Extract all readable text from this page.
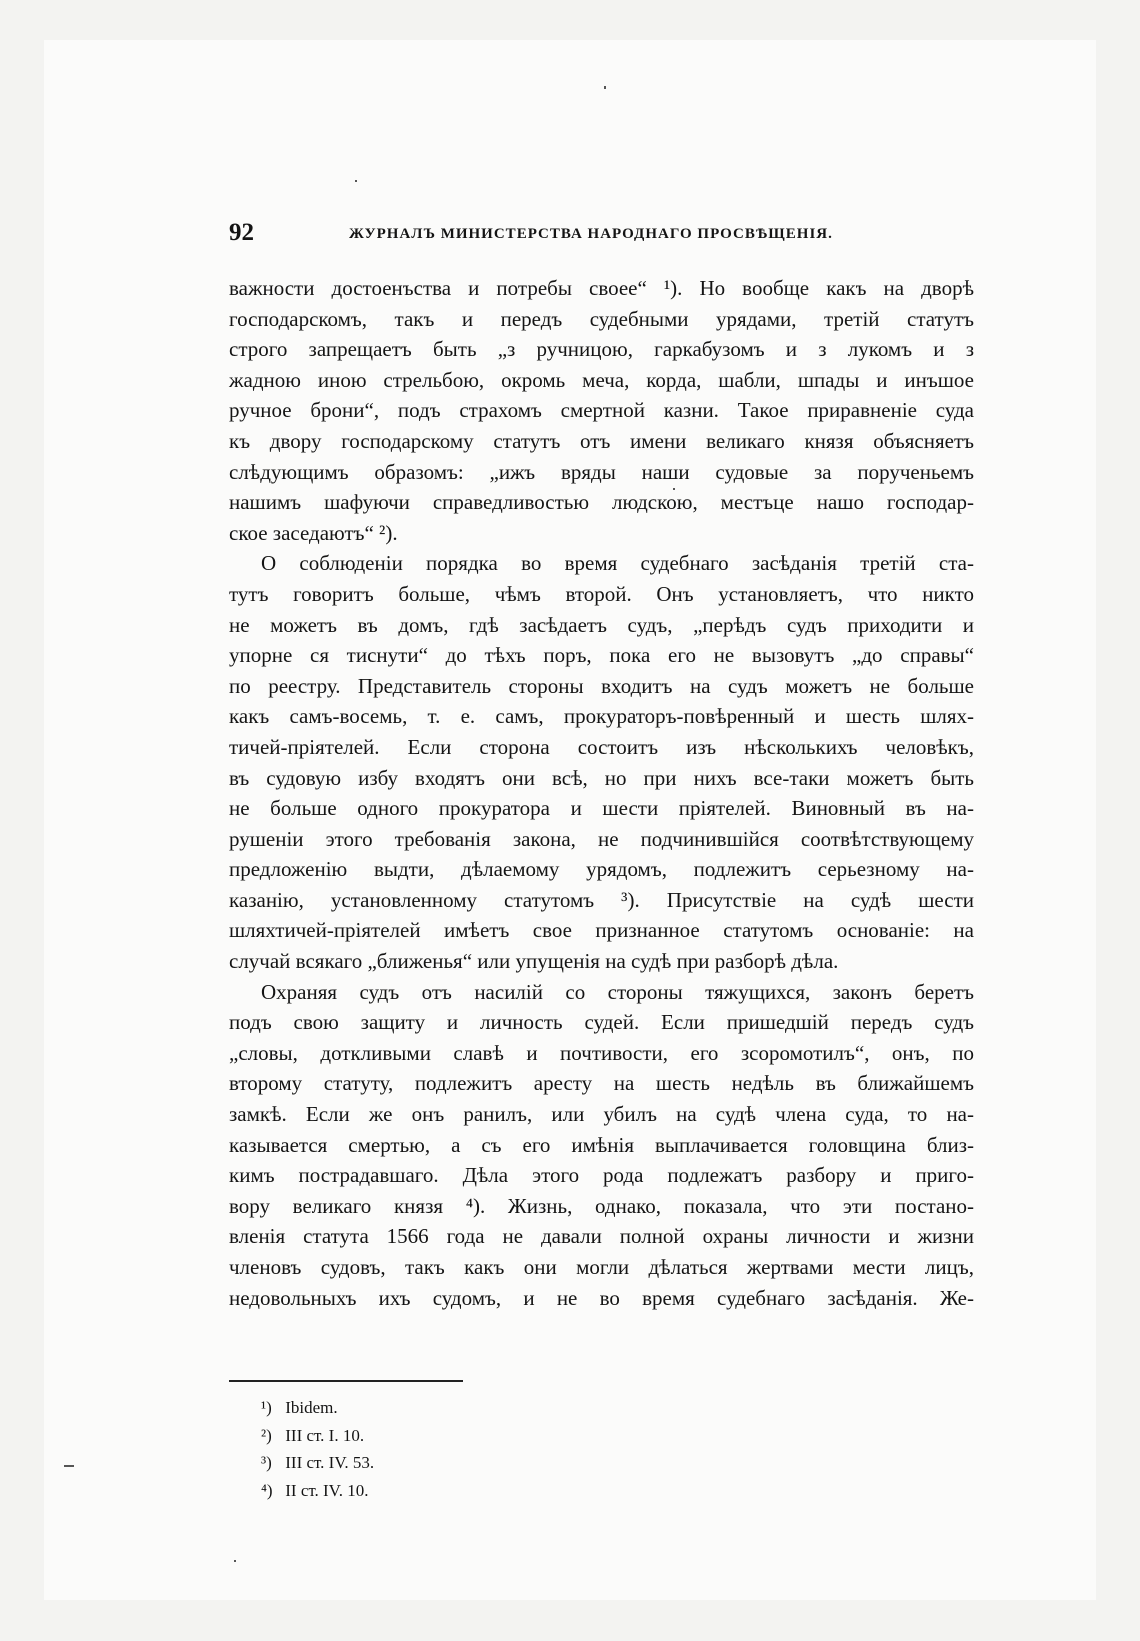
92	ЖУРНАЛЪ МИНИСТЕРСТВА НАРОДНАГО ПРОСВѢЩЕНІЯ.
важности достоенъства и потребы своее“ ¹). Но вообще какъ на дворѣ
господарскомъ, такъ и передъ судебными урядами, третій статутъ
строго запрещаетъ быть „з ручницою, гаркабузомъ и з лукомъ и з
жадною иною стрельбою, окромь меча, корда, шабли, шпады и инъшое
ручное брони“, подъ страхомъ смертной казни. Такое приравненіе суда
къ двору господарскому статутъ отъ имени великаго князя объясняетъ
слѣдующимъ образомъ: „ижъ вряды наши судовые за порученьемъ
нашимъ шафуючи справедливостью людскою, местъце нашо господар-
ское заседаютъ“ ²).
О соблюденіи порядка во время судебнаго засѣданія третій ста-
тутъ говоритъ больше, чѣмъ второй. Онъ установляетъ, что никто
не можетъ въ домъ, гдѣ засѣдаетъ судъ, „перѣдъ судъ приходити и
упорне ся тиснути“ до тѣхъ поръ, пока его не вызовутъ „до справы“
по реестру. Представитель стороны входитъ на судъ можетъ не больше
какъ самъ-восемь, т. е. самъ, прокураторъ-повѣренный и шесть шлях-
тичей-пріятелей. Если сторона состоитъ изъ нѣсколькихъ человѣкъ,
въ судовую избу входятъ они всѣ, но при нихъ все-таки можетъ быть
не больше одного прокуратора и шести пріятелей. Виновный въ на-
рушеніи этого требованія закона, не подчинившійся соотвѣтствующему
предложенію выдти, дѣлаемому урядомъ, подлежитъ серьезному на-
казанію, установленному статутомъ ³). Присутствіе на судѣ шести
шляхтичей-пріятелей имѣетъ свое признанное статутомъ основаніе: на
случай всякаго „ближенья“ или упущенія на судѣ при разборѣ дѣла.
Охраняя судъ отъ насилій со стороны тяжущихся, законъ беретъ
подъ свою защиту и личность судей. Если пришедшій передъ судъ
„словы, доткливыми славѣ и почтивости, его зсоромотилъ“, онъ, по
второму статуту, подлежитъ аресту на шесть недѣль въ ближайшемъ
замкѣ. Если же онъ ранилъ, или убилъ на судѣ члена суда, то на-
казывается смертью, а съ его имѣнія выплачивается головщина близ-
кимъ пострадавшаго. Дѣла этого рода подлежатъ разбору и приго-
вору великаго князя ⁴). Жизнь, однако, показала, что эти постано-
вленія статута 1566 года не давали полной охраны личности и жизни
членовъ судовъ, такъ какъ они могли дѣлаться жертвами мести лицъ,
недовольныхъ ихъ судомъ, и не во время судебнаго засѣданія. Же-
¹) Ibidem.
²) III ст. I. 10.
³) III ст. IV. 53.
⁴) II ст. IV. 10.
